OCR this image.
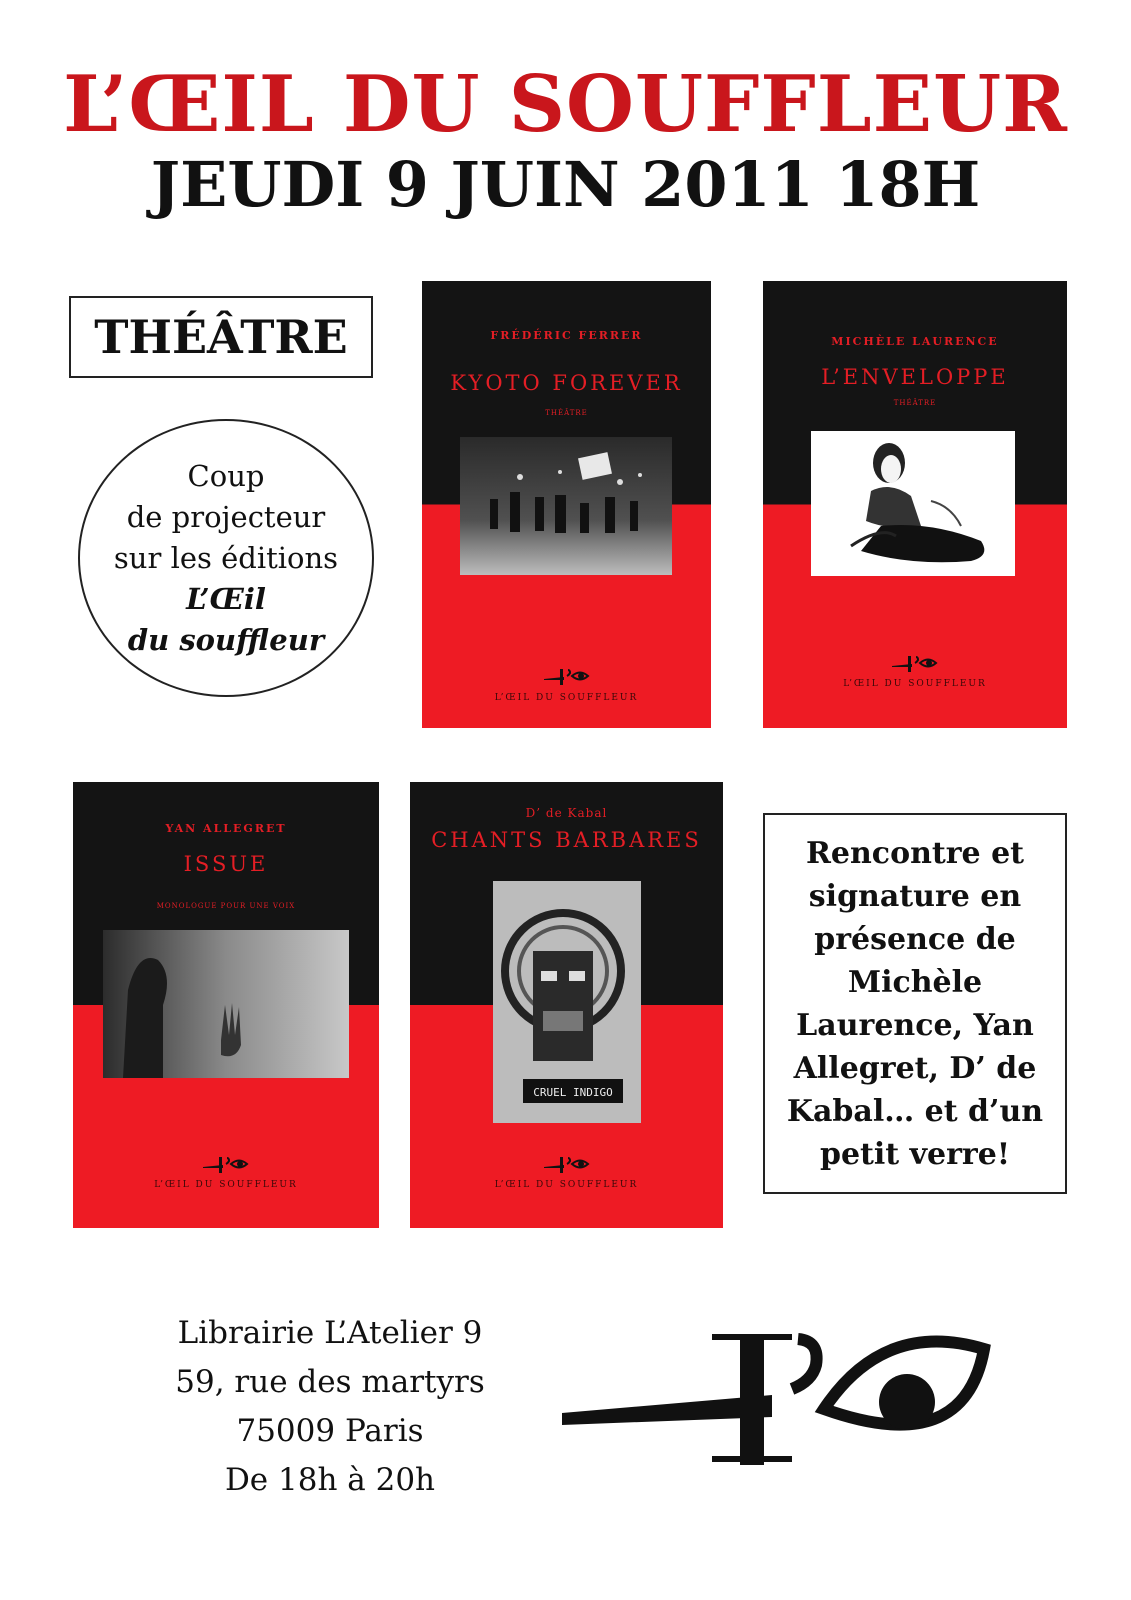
L’ŒIL DU SOUFFLEUR
JEUDI 9 JUIN 2011 18H
THÉÂTRE
Coup
de projecteur
sur les éditions
L’Œil
du souffleur
FRÉDÉRIC FERRER
KYOTO FOREVER
THÉÂTRE
L’ŒIL DU SOUFFLEUR
MICHÈLE LAURENCE
L’ENVELOPPE
THÉÂTRE
L’ŒIL DU SOUFFLEUR
YAN ALLEGRET
ISSUE
MONOLOGUE POUR UNE VOIX
L’ŒIL DU SOUFFLEUR
D’ de Kabal
CHANTS BARBARES
CRUEL INDIGO
L’ŒIL DU SOUFFLEUR
Rencontre et signature en présence de Michèle Laurence, Yan Allegret, D’ de Kabal… et d’un petit verre!
Librairie L’Atelier 9
59, rue des martyrs
75009 Paris
De 18h à 20h
